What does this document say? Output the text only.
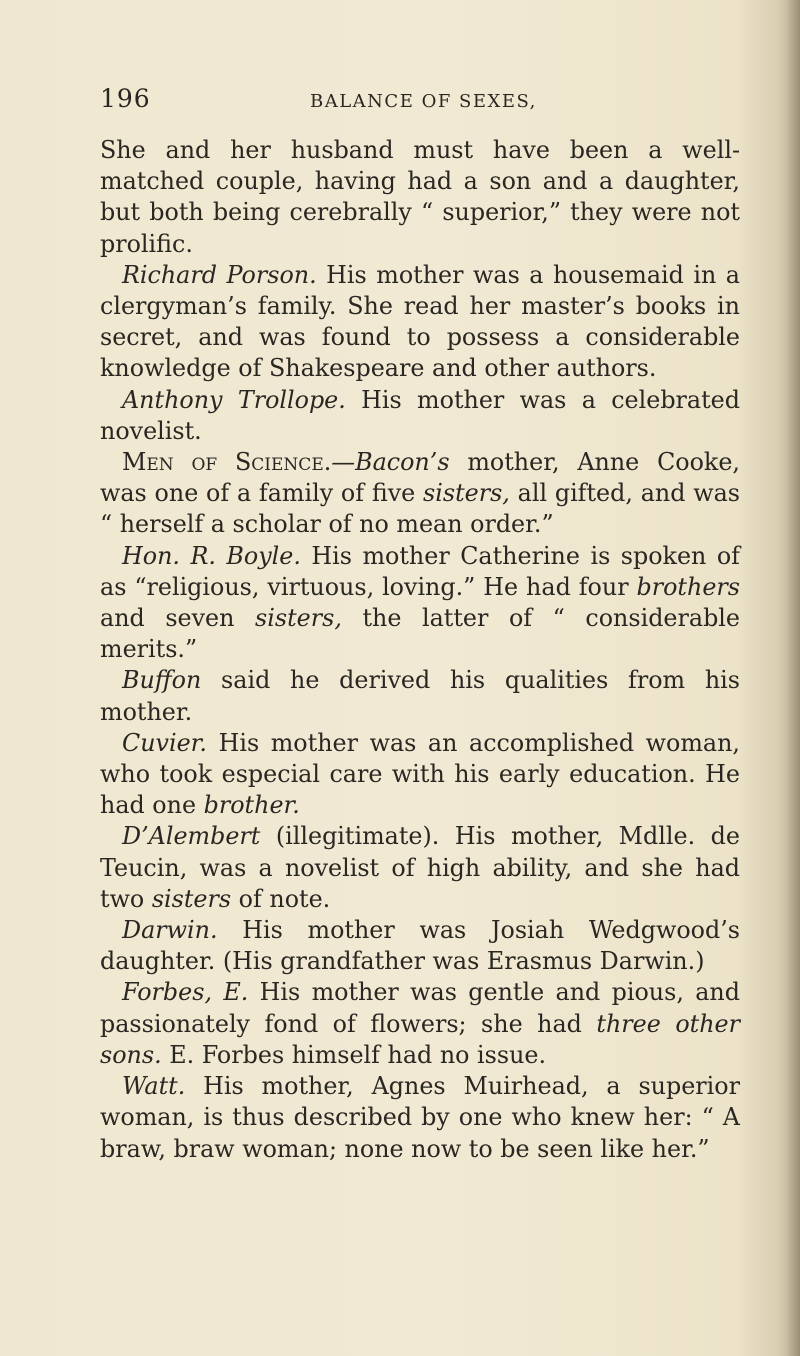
196	BALANCE OF SEXES,

She and her husband must have been a well-matched couple, having had a son and a daughter, but both being cerebrally “ superior,” they were not prolific.

Richard Porson. His mother was a housemaid in a clergyman’s family. She read her master’s books in secret, and was found to possess a considerable knowledge of Shakespeare and other authors.

Anthony Trollope. His mother was a celebrated novelist.

Men of Science.—Bacon’s mother, Anne Cooke, was one of a family of five sisters, all gifted, and was “ herself a scholar of no mean order.”

Hon. R. Boyle. His mother Catherine is spoken of as “religious, virtuous, loving.” He had four brothers and seven sisters, the latter of “ considerable merits.”

Buffon said he derived his qualities from his mother.

Cuvier. His mother was an accomplished woman, who took especial care with his early education. He had one brother.

D’Alembert (illegitimate). His mother, Mdlle. de Teucin, was a novelist of high ability, and she had two sisters of note.

Darwin. His mother was Josiah Wedgwood’s daughter. (His grandfather was Erasmus Darwin.)

Forbes, E. His mother was gentle and pious, and passionately fond of flowers; she had three other sons. E. Forbes himself had no issue.

Watt. His mother, Agnes Muirhead, a superior woman, is thus described by one who knew her: “ A braw, braw woman; none now to be seen like her.”
